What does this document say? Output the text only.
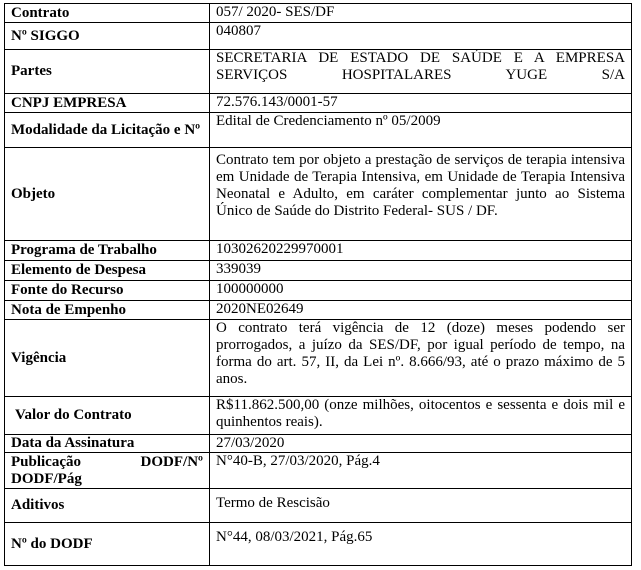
Contrato	057/ 2020- SES/DF
Nº SIGGO	040807
Partes	SECRETARIA DE ESTADO DE SAÚDE E A EMPRESA SERVIÇOS HOSPITALARES YUGE S/A
CNPJ EMPRESA	72.576.143/0001-57
Modalidade da Licitação e Nº	Edital de Credenciamento nº 05/2009
Objeto	Contrato tem por objeto a prestação de serviços de terapia intensiva em Unidade de Terapia Intensiva, em Unidade de Terapia Intensiva Neonatal e Adulto, em caráter complementar junto ao Sistema Único de Saúde do Distrito Federal- SUS / DF.
Programa de Trabalho	10302620229970001
Elemento de Despesa	339039
Fonte do Recurso	100000000
Nota de Empenho	2020NE02649
Vigência	O contrato terá vigência de 12 (doze) meses podendo ser prorrogados, a juízo da SES/DF, por igual período de tempo, na forma do art. 57, II, da Lei nº. 8.666/93, até o prazo máximo de 5 anos.
Valor do Contrato	R$11.862.500,00 (onze milhões, oitocentos e sessenta e dois mil e quinhentos reais).
Data da Assinatura	27/03/2020
Publicação DODF/Nº DODF/Pág	N°40-B, 27/03/2020, Pág.4
Aditivos	Termo de Rescisão
Nº do DODF	N°44, 08/03/2021, Pág.65
